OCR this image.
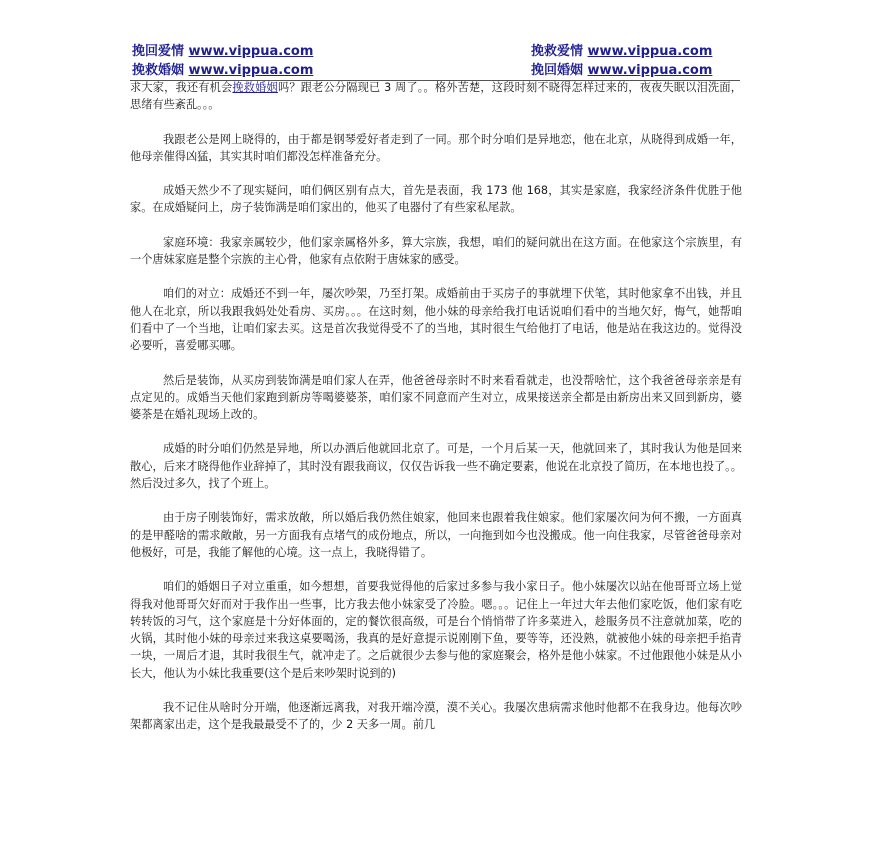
挽回爱情 www.vippua.com
挽救婚姻 www.vippua.com
挽救爱情 www.vippua.com
挽回婚姻 www.vippua.com

求大家，我还有机会挽救婚姻吗？跟老公分隔现已 3 周了。。格外苦楚，这段时刻不晓得怎样过来的，夜夜失眠以泪洗面，思绪有些紊乱。。。

我跟老公是网上晓得的，由于都是钢琴爱好者走到了一同。那个时分咱们是异地恋，他在北京，从晓得到成婚一年，他母亲催得凶猛，其实其时咱们都没怎样准备充分。

成婚天然少不了现实疑问，咱们俩区别有点大，首先是表面，我 173 他 168，其实是家庭，我家经济条件优胜于他家。在成婚疑问上，房子装饰满是咱们家出的，他买了电器付了有些家私尾款。

家庭环境：我家亲属较少，他们家亲属格外多，算大宗族，我想，咱们的疑问就出在这方面。在他家这个宗族里，有一个唐妹家庭是整个宗族的主心骨，他家有点依附于唐妹家的感受。

咱们的对立：成婚还不到一年，屡次吵架，乃至打架。成婚前由于买房子的事就埋下伏笔，其时他家拿不出钱，并且他人在北京，所以我跟我妈处处看房、买房。。。在这时刻，他小妹的母亲给我打电话说咱们看中的当地欠好，悔气，她帮咱们看中了一个当地，让咱们家去买。这是首次我觉得受不了的当地，其时很生气给他打了电话，他是站在我这边的。觉得没必要听，喜爱哪买哪。

然后是装饰，从买房到装饰满是咱们家人在弄，他爸爸母亲时不时来看看就走，也没帮啥忙，这个我爸爸母亲亲是有点定见的。成婚当天他们家跑到新房等喝婆婆茶，咱们家不同意而产生对立，成果接送亲全都是由新房出来又回到新房，婆婆茶是在婚礼现场上改的。

成婚的时分咱们仍然是异地，所以办酒后他就回北京了。可是，一个月后某一天，他就回来了，其时我认为他是回来散心，后来才晓得他作业辞掉了，其时没有跟我商议，仅仅告诉我一些不确定要素，他说在北京投了简历，在本地也投了。。然后没过多久，找了个班上。

由于房子刚装饰好，需求放敞，所以婚后我仍然住娘家，他回来也跟着我住娘家。他们家屡次问为何不搬，一方面真的是甲醛啥的需求敞敞，另一方面我有点堵气的成份地点，所以，一向拖到如今也没搬成。他一向住我家，尽管爸爸母亲对他极好，可是，我能了解他的心境。这一点上，我晓得错了。

咱们的婚姻日子对立重重，如今想想，首要我觉得他的后家过多参与我小家日子。他小妹屡次以站在他哥哥立场上觉得我对他哥哥欠好而对于我作出一些事，比方我去他小妹家受了冷脸。嗯。。。记住上一年过大年去他们家吃饭，他们家有吃转转饭的习气，这个家庭是十分好体面的，定的餐饮很高级，可是台个悄悄带了许多菜进入，趁服务员不注意就加菜，吃的火锅，其时他小妹的母亲过来我这桌要喝汤，我真的是好意提示说刚刚下鱼，要等等，还没熟，就被他小妹的母亲把手掐青一块，一周后才退，其时我很生气，就冲走了。之后就很少去参与他的家庭聚会，格外是他小妹家。不过他跟他小妹是从小长大，他认为小妹比我重要(这个是后来吵架时说到的)

我不记住从啥时分开端，他逐渐远离我，对我开端冷漠，漠不关心。我屡次患病需求他时他都不在我身边。他每次吵架都离家出走，这个是我最最受不了的，少 2 天多一周。前几
